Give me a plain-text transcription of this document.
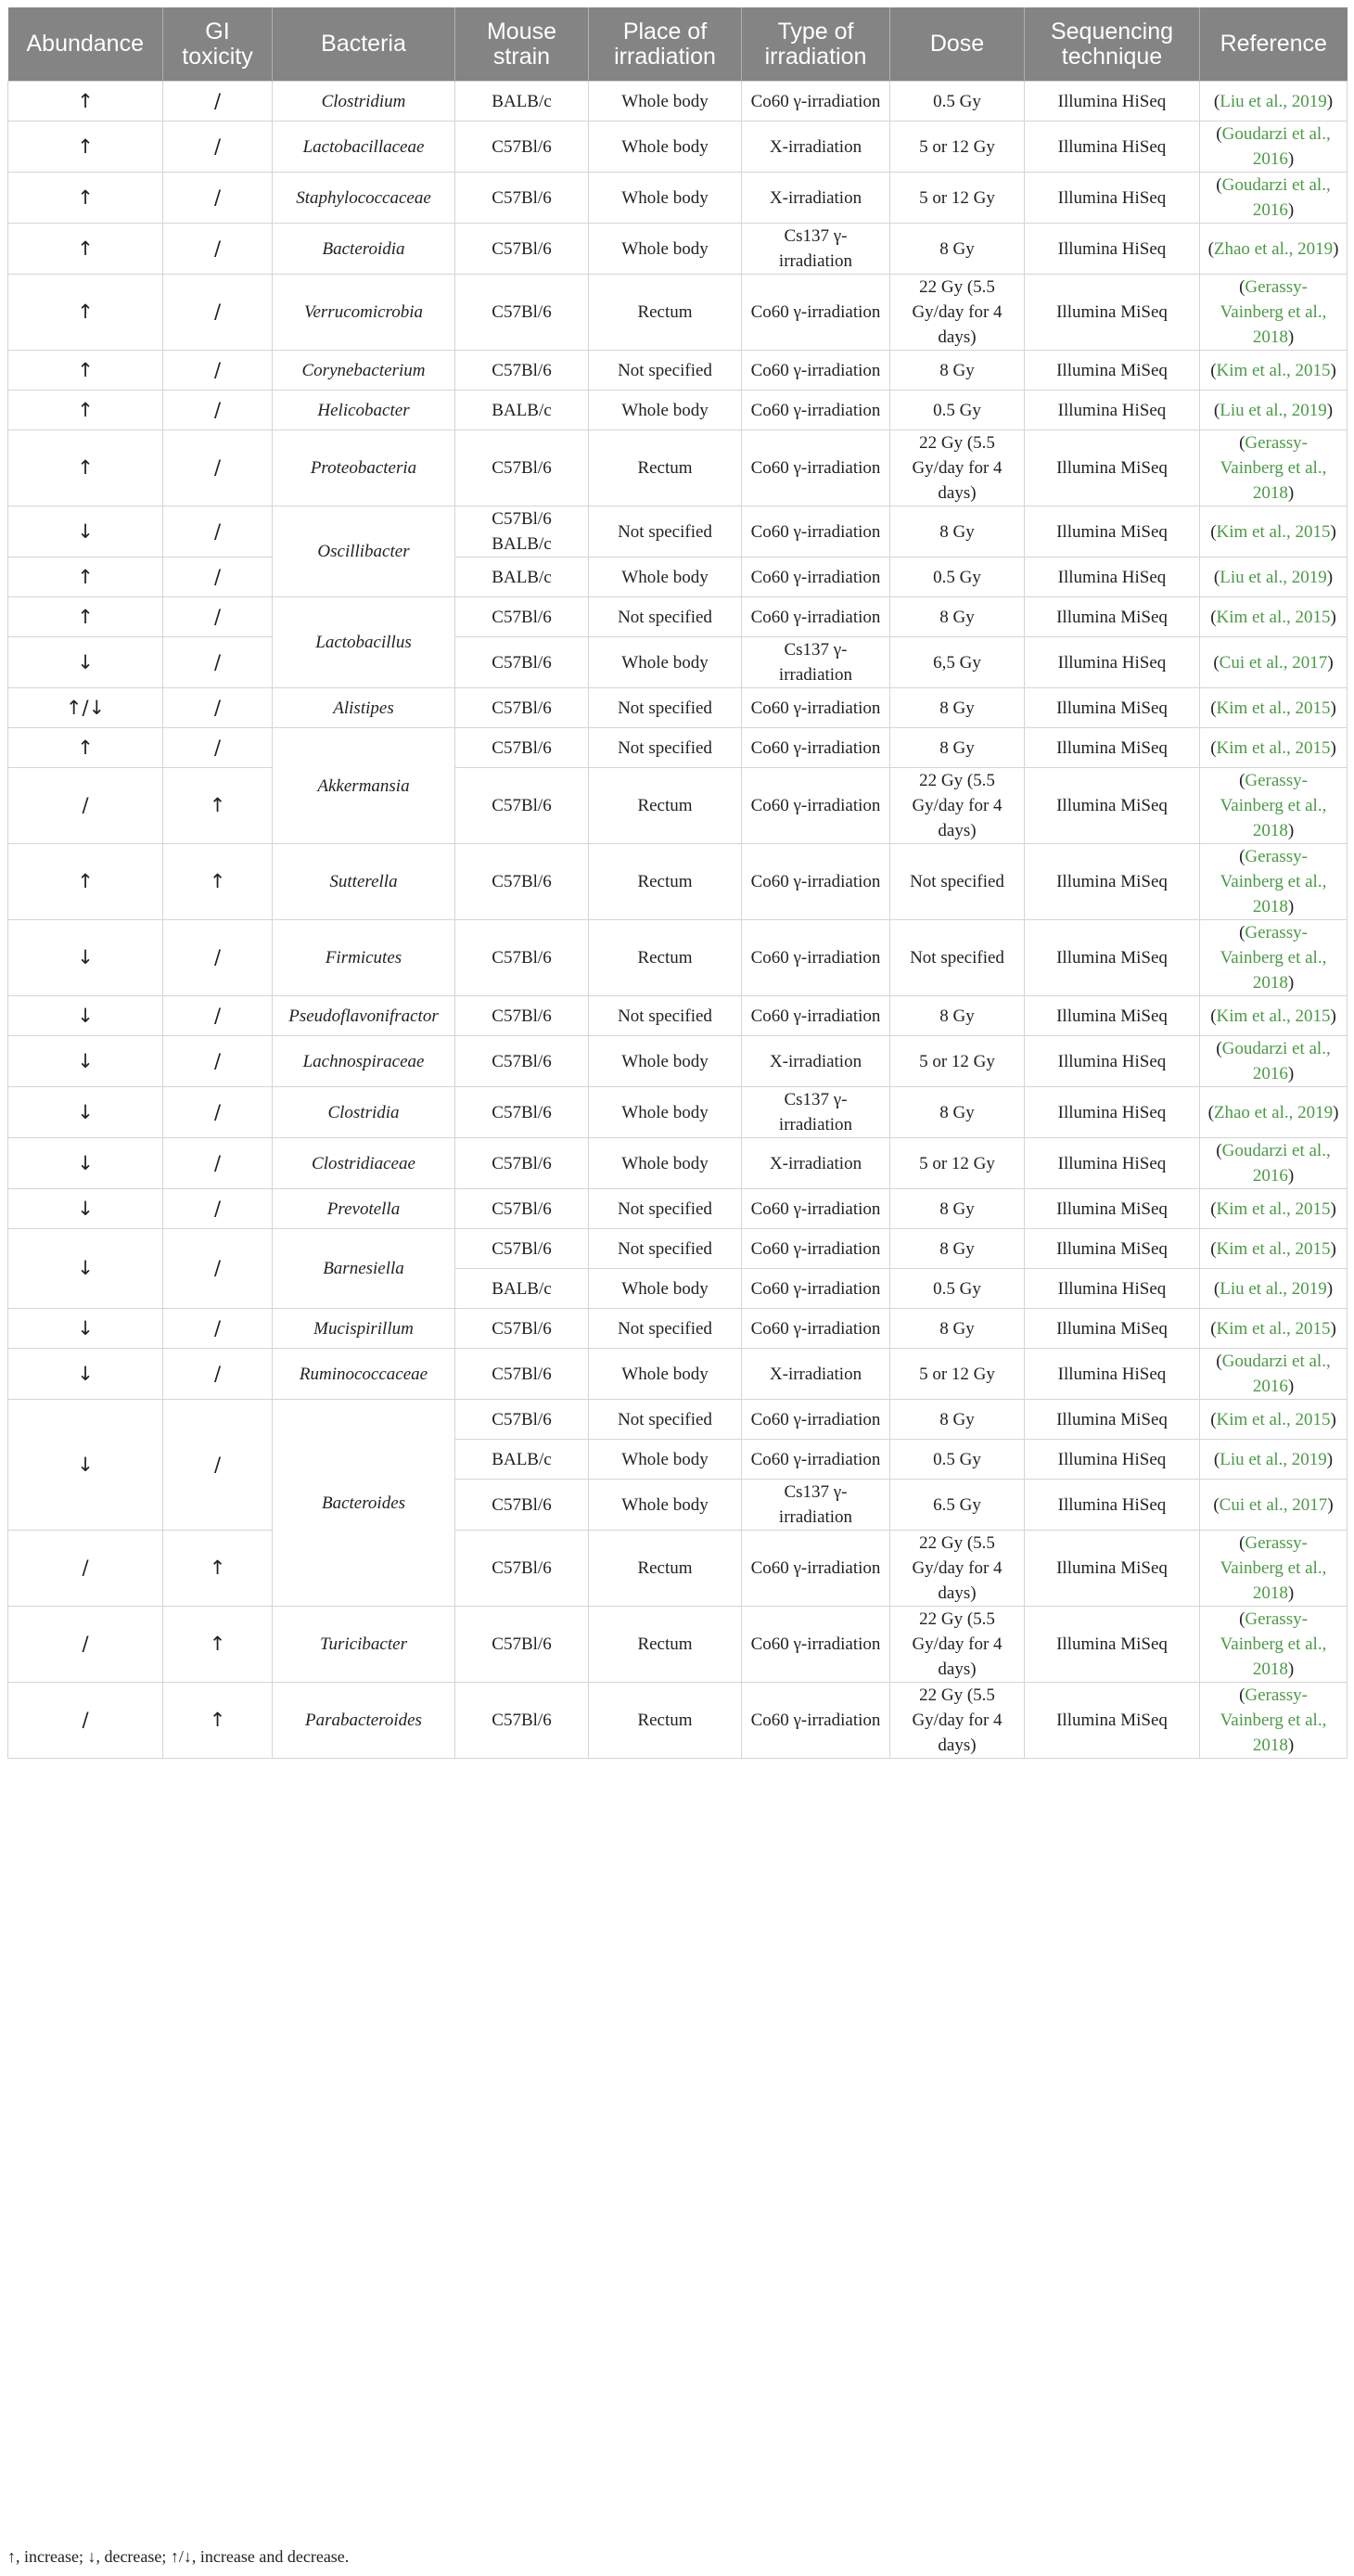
Abundance	GI toxicity	Bacteria	Mouse strain	Place of irradiation	Type of irradiation	Dose	Sequencing technique	Reference
↑	/	Clostridium	BALB/c	Whole body	Co60 γ-irradiation	0.5 Gy	Illumina HiSeq	(Liu et al., 2019)
↑	/	Lactobacillaceae	C57Bl/6	Whole body	X-irradiation	5 or 12 Gy	Illumina HiSeq	(Goudarzi et al., 2016)
↑	/	Staphylococcaceae	C57Bl/6	Whole body	X-irradiation	5 or 12 Gy	Illumina HiSeq	(Goudarzi et al., 2016)
↑	/	Bacteroidia	C57Bl/6	Whole body	Cs137 γ-irradiation	8 Gy	Illumina HiSeq	(Zhao et al., 2019)
↑	/	Verrucomicrobia	C57Bl/6	Rectum	Co60 γ-irradiation	22 Gy (5.5 Gy/day for 4 days)	Illumina MiSeq	(Gerassy-Vainberg et al., 2018)
↑	/	Corynebacterium	C57Bl/6	Not specified	Co60 γ-irradiation	8 Gy	Illumina MiSeq	(Kim et al., 2015)
↑	/	Helicobacter	BALB/c	Whole body	Co60 γ-irradiation	0.5 Gy	Illumina HiSeq	(Liu et al., 2019)
↑	/	Proteobacteria	C57Bl/6	Rectum	Co60 γ-irradiation	22 Gy (5.5 Gy/day for 4 days)	Illumina MiSeq	(Gerassy-Vainberg et al., 2018)
↓	/	Oscillibacter	C57Bl/6 BALB/c	Not specified	Co60 γ-irradiation	8 Gy	Illumina MiSeq	(Kim et al., 2015)
↑	/		BALB/c	Whole body	Co60 γ-irradiation	0.5 Gy	Illumina HiSeq	(Liu et al., 2019)
↑	/	Lactobacillus	C57Bl/6	Not specified	Co60 γ-irradiation	8 Gy	Illumina MiSeq	(Kim et al., 2015)
↓	/		C57Bl/6	Whole body	Cs137 γ-irradiation	6,5 Gy	Illumina HiSeq	(Cui et al., 2017)
↑/↓	/	Alistipes	C57Bl/6	Not specified	Co60 γ-irradiation	8 Gy	Illumina MiSeq	(Kim et al., 2015)
↑	/	Akkermansia	C57Bl/6	Not specified	Co60 γ-irradiation	8 Gy	Illumina MiSeq	(Kim et al., 2015)
/	↑		C57Bl/6	Rectum	Co60 γ-irradiation	22 Gy (5.5 Gy/day for 4 days)	Illumina MiSeq	(Gerassy-Vainberg et al., 2018)
↑	↑	Sutterella	C57Bl/6	Rectum	Co60 γ-irradiation	Not specified	Illumina MiSeq	(Gerassy-Vainberg et al., 2018)
↓	/	Firmicutes	C57Bl/6	Rectum	Co60 γ-irradiation	Not specified	Illumina MiSeq	(Gerassy-Vainberg et al., 2018)
↓	/	Pseudoflavonifractor	C57Bl/6	Not specified	Co60 γ-irradiation	8 Gy	Illumina MiSeq	(Kim et al., 2015)
↓	/	Lachnospiraceae	C57Bl/6	Whole body	X-irradiation	5 or 12 Gy	Illumina HiSeq	(Goudarzi et al., 2016)
↓	/	Clostridia	C57Bl/6	Whole body	Cs137 γ-irradiation	8 Gy	Illumina HiSeq	(Zhao et al., 2019)
↓	/	Clostridiaceae	C57Bl/6	Whole body	X-irradiation	5 or 12 Gy	Illumina HiSeq	(Goudarzi et al., 2016)
↓	/	Prevotella	C57Bl/6	Not specified	Co60 γ-irradiation	8 Gy	Illumina MiSeq	(Kim et al., 2015)
↓	/	Barnesiella	C57Bl/6	Not specified	Co60 γ-irradiation	8 Gy	Illumina MiSeq	(Kim et al., 2015)
			BALB/c	Whole body	Co60 γ-irradiation	0.5 Gy	Illumina HiSeq	(Liu et al., 2019)
↓	/	Mucispirillum	C57Bl/6	Not specified	Co60 γ-irradiation	8 Gy	Illumina MiSeq	(Kim et al., 2015)
↓	/	Ruminococcaceae	C57Bl/6	Whole body	X-irradiation	5 or 12 Gy	Illumina HiSeq	(Goudarzi et al., 2016)
↓	/	Bacteroides	C57Bl/6	Not specified	Co60 γ-irradiation	8 Gy	Illumina MiSeq	(Kim et al., 2015)
			BALB/c	Whole body	Co60 γ-irradiation	0.5 Gy	Illumina HiSeq	(Liu et al., 2019)
			C57Bl/6	Whole body	Cs137 γ-irradiation	6.5 Gy	Illumina HiSeq	(Cui et al., 2017)
/	↑		C57Bl/6	Rectum	Co60 γ-irradiation	22 Gy (5.5 Gy/day for 4 days)	Illumina MiSeq	(Gerassy-Vainberg et al., 2018)
/	↑	Turicibacter	C57Bl/6	Rectum	Co60 γ-irradiation	22 Gy (5.5 Gy/day for 4 days)	Illumina MiSeq	(Gerassy-Vainberg et al., 2018)
/	↑	Parabacteroides	C57Bl/6	Rectum	Co60 γ-irradiation	22 Gy (5.5 Gy/day for 4 days)	Illumina MiSeq	(Gerassy-Vainberg et al., 2018)
↑, increase; ↓, decrease; ↑/↓, increase and decrease.
